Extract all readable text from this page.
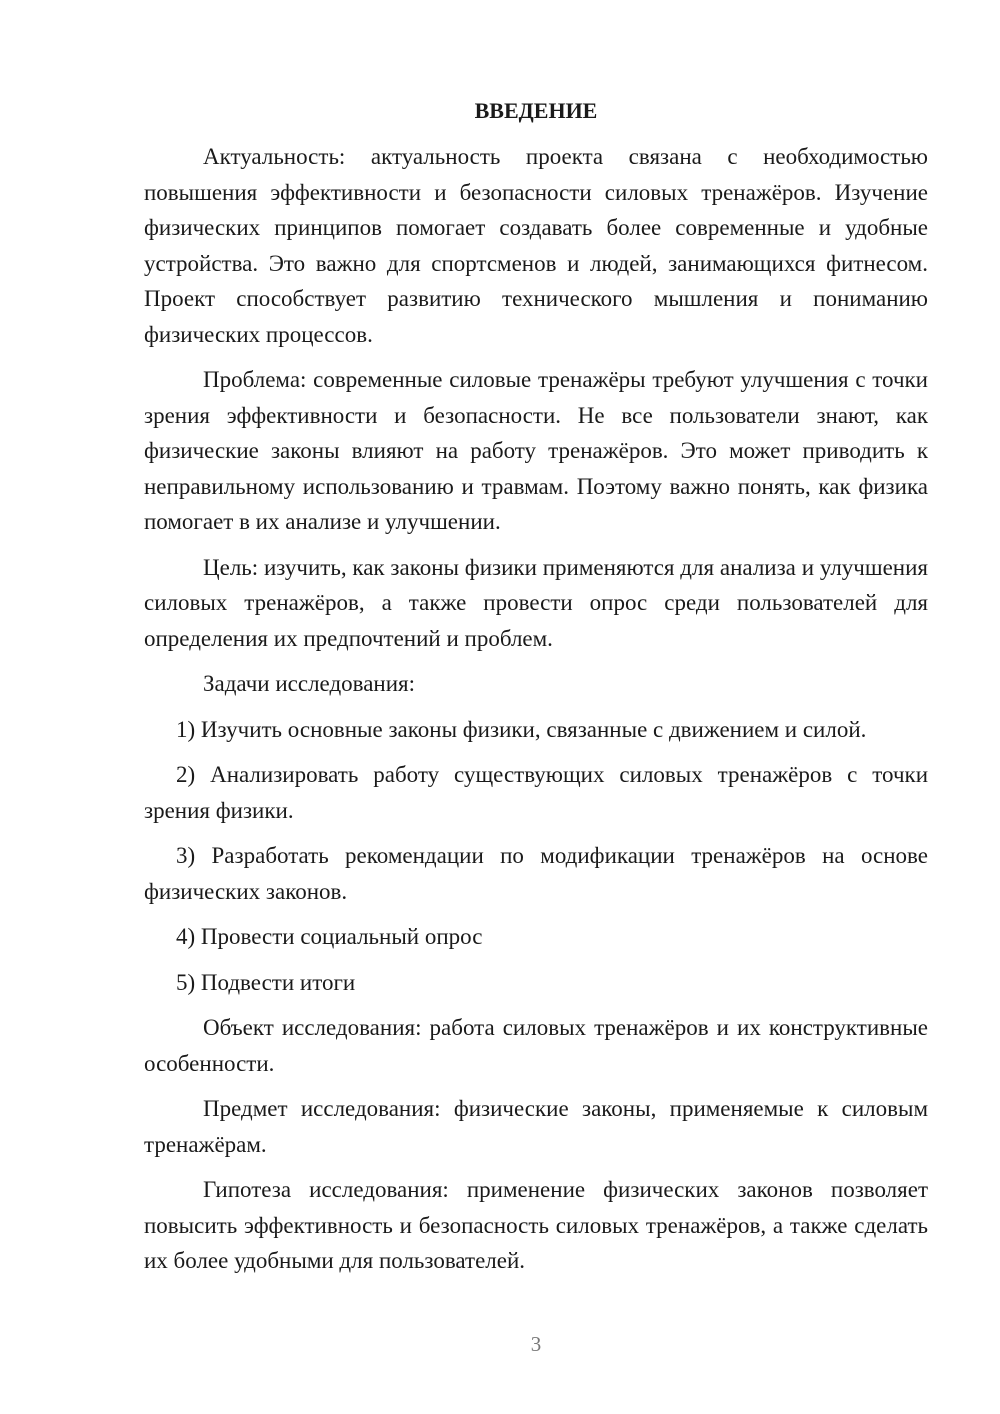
ВВЕДЕНИЕ

Актуальность: актуальность проекта связана с необходимостью повышения эффективности и безопасности силовых тренажёров. Изучение физических принципов помогает создавать более современные и удобные устройства. Это важно для спортсменов и людей, занимающихся фитнесом. Проект способствует развитию технического мышления и пониманию физических процессов.

Проблема: современные силовые тренажёры требуют улучшения с точки зрения эффективности и безопасности. Не все пользователи знают, как физические законы влияют на работу тренажёров. Это может приводить к неправильному использованию и травмам. Поэтому важно понять, как физика помогает в их анализе и улучшении.

Цель: изучить, как законы физики применяются для анализа и улучшения силовых тренажёров, а также провести опрос среди пользователей для определения их предпочтений и проблем.

Задачи исследования:

1) Изучить основные законы физики, связанные с движением и силой.

2) Анализировать работу существующих силовых тренажёров с точки зрения физики.

3) Разработать рекомендации по модификации тренажёров на основе физических законов.

4) Провести социальный опрос

5) Подвести итоги

Объект исследования: работа силовых тренажёров и их конструктивные особенности.

Предмет исследования: физические законы, применяемые к силовым тренажёрам.

Гипотеза исследования: применение физических законов позволяет повысить эффективность и безопасность силовых тренажёров, а также сделать их более удобными для пользователей.

3
